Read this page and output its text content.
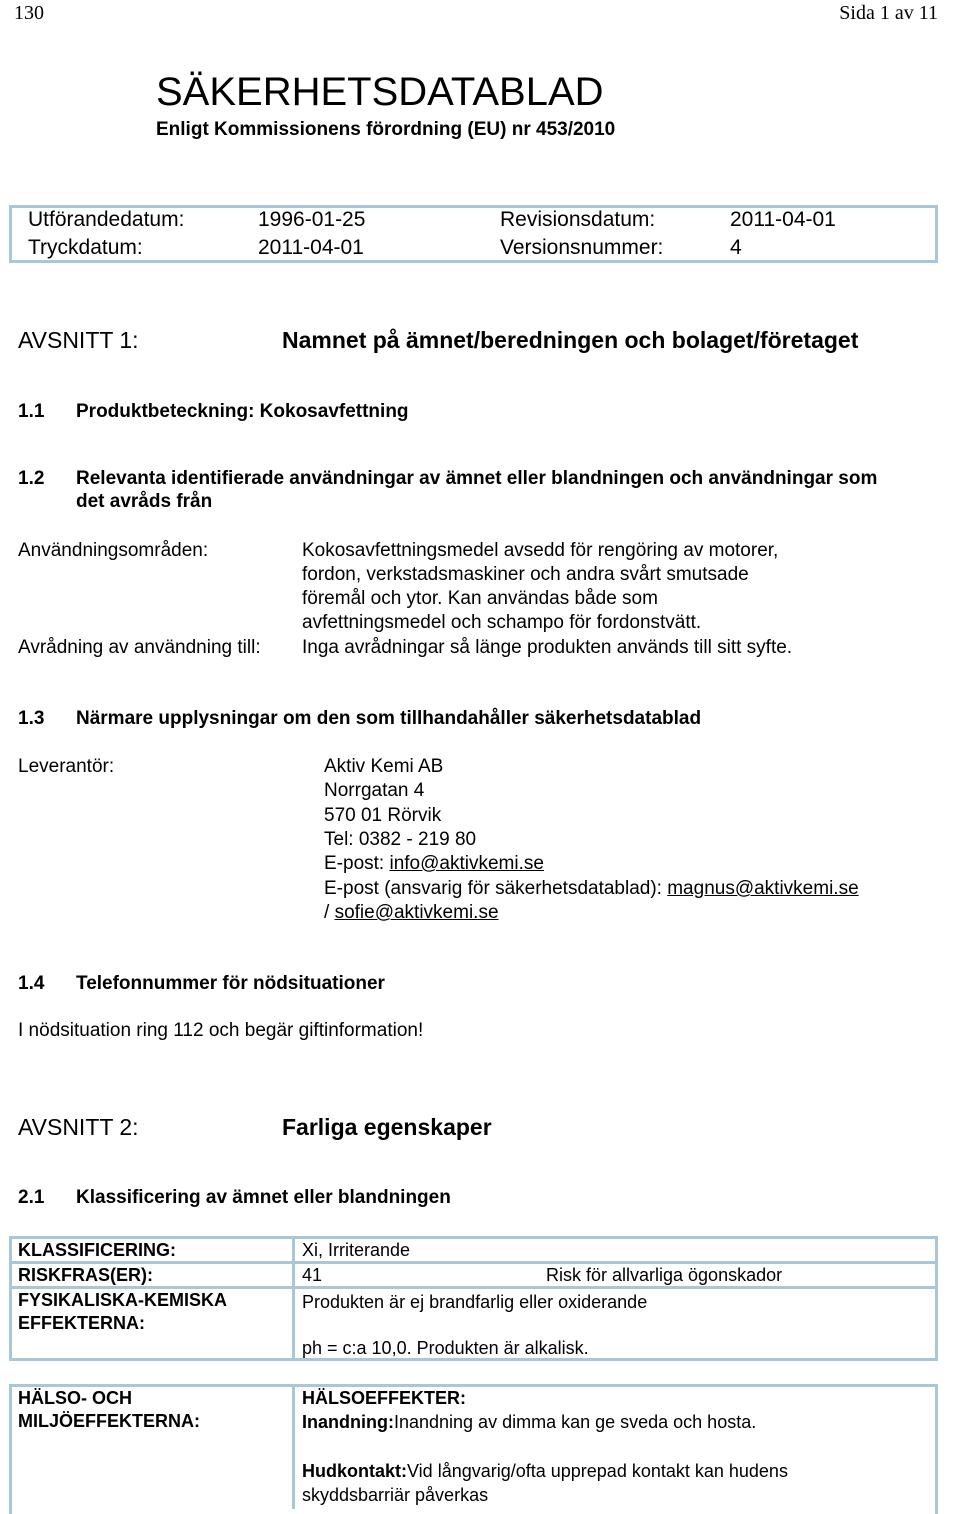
130	Sida 1 av 11
SÄKERHETSDATABLAD
Enligt Kommissionens förordning (EU) nr 453/2010
Utförandedatum:	1996-01-25	Revisionsdatum:	2011-04-01
Tryckdatum:	2011-04-01	Versionsnummer:	4
AVSNITT 1:	Namnet på ämnet/beredningen och bolaget/företaget
1.1 Produktbeteckning: Kokosavfettning
1.2 Relevanta identifierade användningar av ämnet eller blandningen och användningar som
det avråds från
Användningsområden:	Kokosavfettningsmedel avsedd för rengöring av motorer,
fordon, verkstadsmaskiner och andra svårt smutsade
föremål och ytor. Kan användas både som
avfettningsmedel och schampo för fordonstvätt.
Avrådning av användning till: Inga avrådningar så länge produkten används till sitt syfte.
1.3 Närmare upplysningar om den som tillhandahåller säkerhetsdatablad
Leverantör:	Aktiv Kemi AB
Norrgatan 4
570 01 Rörvik
Tel: 0382 - 219 80
E-post: info@aktivkemi.se
E-post (ansvarig för säkerhetsdatablad): magnus@aktivkemi.se
/ sofie@aktivkemi.se
1.4 Telefonnummer för nödsituationer
I nödsituation ring 112 och begär giftinformation!
AVSNITT 2:	Farliga egenskaper
2.1 Klassificering av ämnet eller blandningen
KLASSIFICERING:	Xi, Irriterande
RISKFRAS(ER):	41	Risk för allvarliga ögonskador
FYSIKALISKA-KEMISKA
EFFEKTERNA:
Produkten är ej brandfarlig eller oxiderande
ph = c:a 10,0. Produkten är alkalisk.
HÄLSO- OCH
MILJÖEFFEKTERNA:
HÄLSOEFFEKTER:
Inandning:Inandning av dimma kan ge sveda och hosta.
Hudkontakt:Vid långvarig/ofta upprepad kontakt kan hudens
skyddsbarriär påverkas
